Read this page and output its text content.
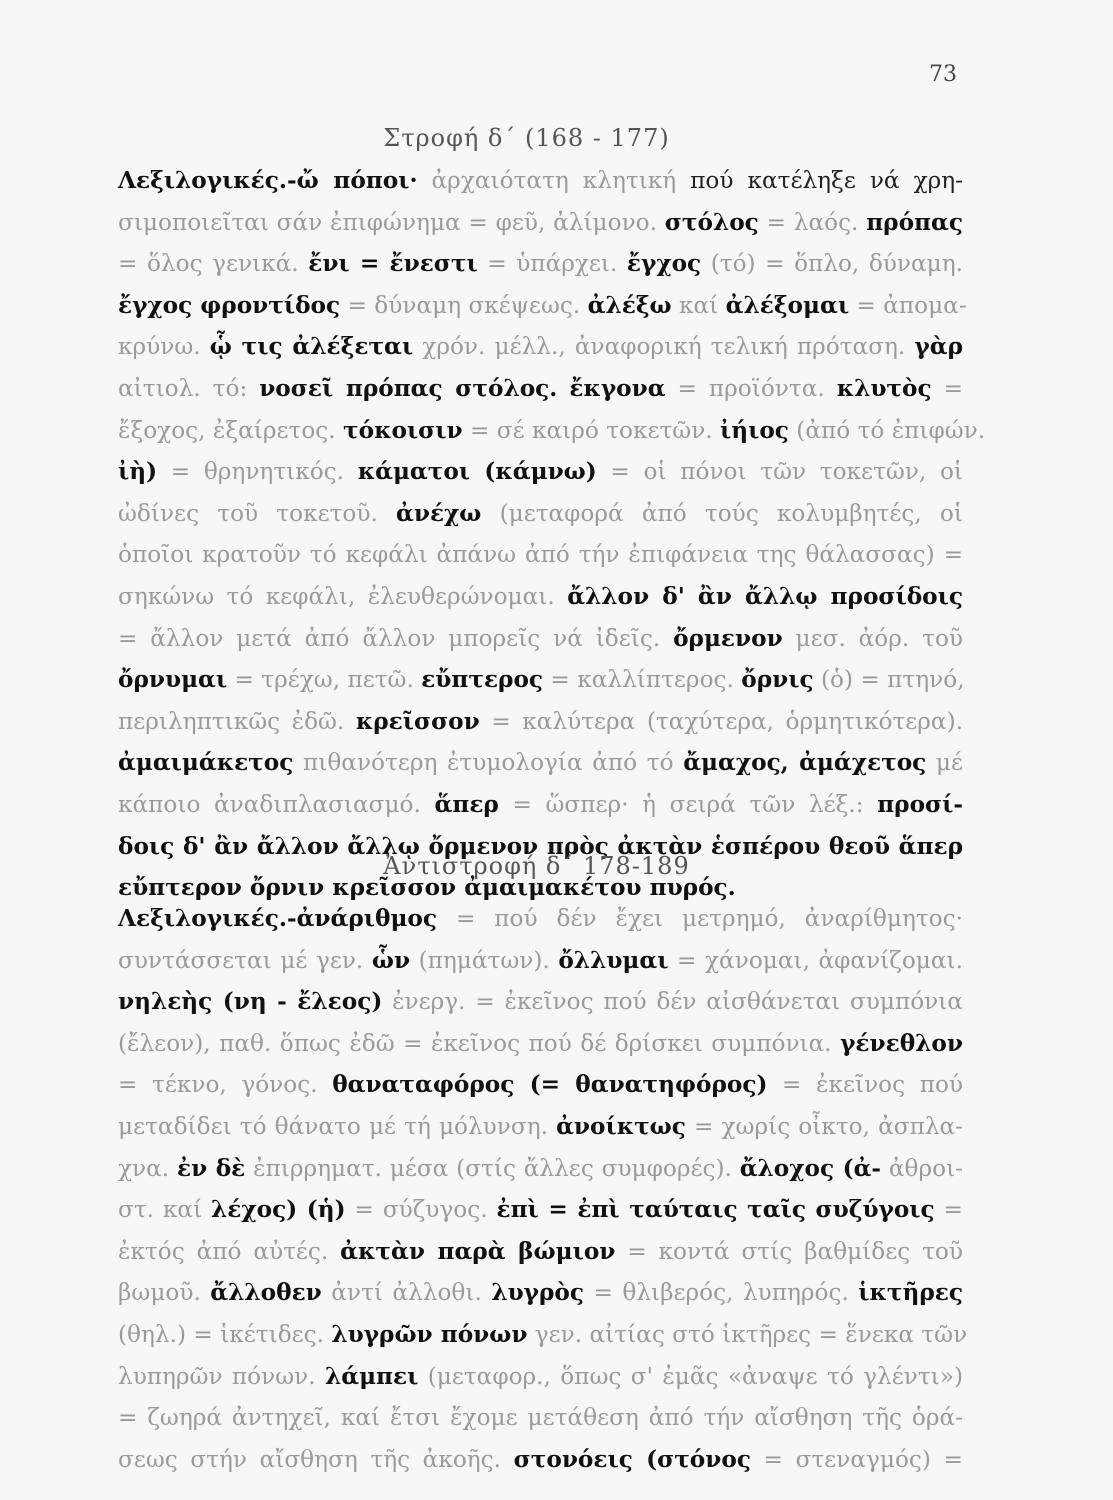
73
Στροφή δ΄ (168 - 177)
Λεξιλογικές.-ὤ πόποι· ἀρχαιότατη κλητική πού κατέληξε νά χρη-
σιμοποιεῖται σάν ἐπιφώνημα = φεῦ, ἀλίμονο. στόλος = λαός. πρόπας
= ὅλος γενικά. ἔνι = ἔνεστι = ὑπάρχει. ἔγχος (τό) = ὅπλο, δύναμη.
ἔγχος φροντίδος = δύναμη σκέψεως. ἀλέξω καί ἀλέξομαι = ἀπομα-
κρύνω. ᾧ τις ἀλέξεται χρόν. μέλλ., ἀναφορική τελική πρόταση. γὰρ
αἰτιολ. τό: νοσεῖ πρόπας στόλος. ἔκγονα = προϊόντα. κλυτὸς =
ἔξοχος, ἐξαίρετος. τόκοισιν = σέ καιρό τοκετῶν. ἰήιος (ἀπό τό ἐπιφών.
ἰὴ) = θρηνητικός. κάματοι (κάμνω) = οἱ πόνοι τῶν τοκετῶν, οἱ
ὠδίνες τοῦ τοκετοῦ. ἀνέχω (μεταφορά ἀπό τούς κολυμβητές, οἱ
ὁποῖοι κρατοῦν τό κεφάλι ἀπάνω ἀπό τήν ἐπιφάνεια της θάλασσας) =
σηκώνω τό κεφάλι, ἐλευθερώνομαι. ἄλλον δ' ἂν ἄλλῳ προσίδοις
= ἄλλον μετά ἀπό ἄλλον μπορεῖς νά ἰδεῖς. ὄρμενον μεσ. ἀόρ. τοῦ
ὄρνυμαι = τρέχω, πετῶ. εὔπτερος = καλλίπτερος. ὄρνις (ὁ) = πτηνό,
περιληπτικῶς ἐδῶ. κρεῖσσον = καλύτερα (ταχύτερα, ὁρμητικότερα).
ἀμαιμάκετος πιθανότερη ἐτυμολογία ἀπό τό ἄμαχος, ἀμάχετος μέ
κάποιο ἀναδιπλασιασμό. ἅπερ = ὥσπερ· ἡ σειρά τῶν λέξ.: προσί-
δοις δ' ἂν ἄλλον ἄλλῳ ὄρμενον πρὸς ἀκτὰν ἑσπέρου θεοῦ ἅπερ
εὔπτερον ὄρνιν κρεῖσσον ἀμαιμακέτου πυρός.
Ἀντιστροφή δ΄ 178-189
Λεξιλογικές.-ἀνάριθμος = πού δέν ἔχει μετρημό, ἀναρίθμητος·
συντάσσεται μέ γεν. ὧν (πημάτων). ὄλλυμαι = χάνομαι, ἀφανίζομαι.
νηλεὴς (νη - ἔλεος) ἐνεργ. = ἐκεῖνος πού δέν αἰσθάνεται συμπόνια
(ἔλεον), παθ. ὅπως ἐδῶ = ἐκεῖνος πού δέ δρίσκει συμπόνια. γένεθλον
= τέκνο, γόνος. θαναταφόρος (= θανατηφόρος) = ἐκεῖνος πού
μεταδίδει τό θάνατο μέ τή μόλυνση. ἀνοίκτως = χωρίς οἶκτο, ἀσπλα-
χνα. ἐν δὲ ἐπιρρηματ. μέσα (στίς ἄλλες συμφορές). ἄλοχος (ἀ- ἀθροι-
στ. καί λέχος) (ἡ) = σύζυγος. ἐπὶ = ἐπὶ ταύταις ταῖς συζύγοις =
ἐκτός ἀπό αὐτές. ἀκτὰν παρὰ βώμιον = κοντά στίς βαθμίδες τοῦ
βωμοῦ. ἄλλοθεν ἀντί ἀλλοθι. λυγρὸς = θλιβερός, λυπηρός. ἱκτῆρες
(θηλ.) = ἱκέτιδες. λυγρῶν πόνων γεν. αἰτίας στό ἱκτῆρες = ἕνεκα τῶν
λυπηρῶν πόνων. λάμπει (μεταφορ., ὅπως σ' ἐμᾶς «ἀναψε τό γλέντι»)
= ζωηρά ἀντηχεῖ, καί ἔτσι ἔχομε μετάθεση ἀπό τήν αἴσθηση τῆς ὁρά-
σεως στήν αἴσθηση τῆς ἀκοῆς. στονόεις (στόνος = στεναγμός) =
